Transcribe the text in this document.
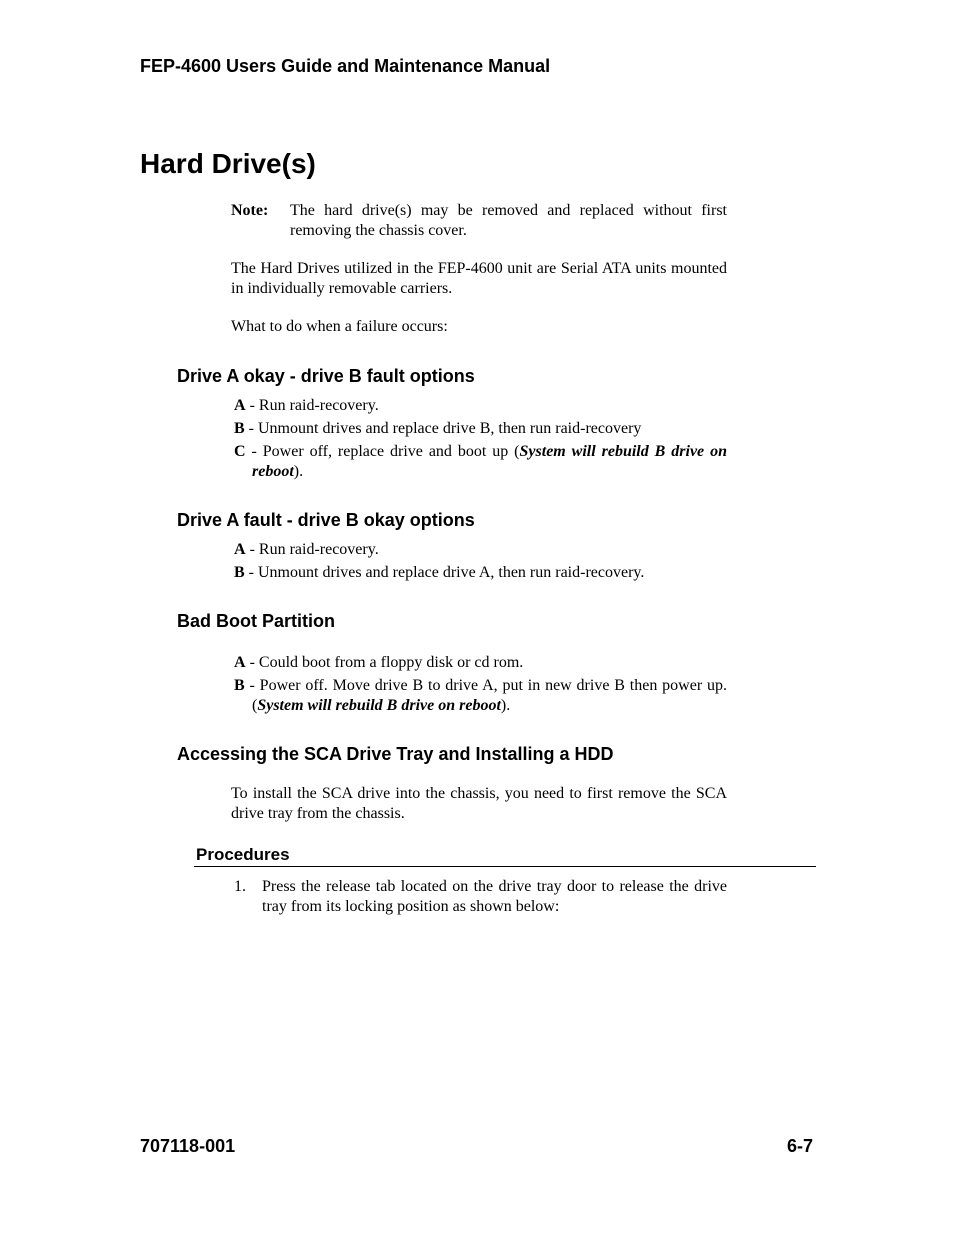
FEP-4600 Users Guide and Maintenance Manual
Hard Drive(s)
Note: The hard drive(s) may be removed and replaced without first removing the chassis cover.
The Hard Drives utilized in the FEP-4600 unit are Serial ATA units mounted in individually removable carriers.
What to do when a failure occurs:
Drive A okay - drive B fault options
A - Run raid-recovery.
B - Unmount drives and replace drive B, then run raid-recovery
C - Power off, replace drive and boot up (System will rebuild B drive on reboot).
Drive A fault - drive B okay options
A - Run raid-recovery.
B - Unmount drives and replace drive A, then run raid-recovery.
Bad Boot Partition
A - Could boot from a floppy disk or cd rom.
B - Power off. Move drive B to drive A, put in new drive B then power up. (System will rebuild B drive on reboot).
Accessing the SCA Drive Tray and Installing a HDD
To install the SCA drive into the chassis, you need to first remove the SCA drive tray from the chassis.
Procedures
1. Press the release tab located on the drive tray door to release the drive tray from its locking position as shown below:
707118-001	6-7
